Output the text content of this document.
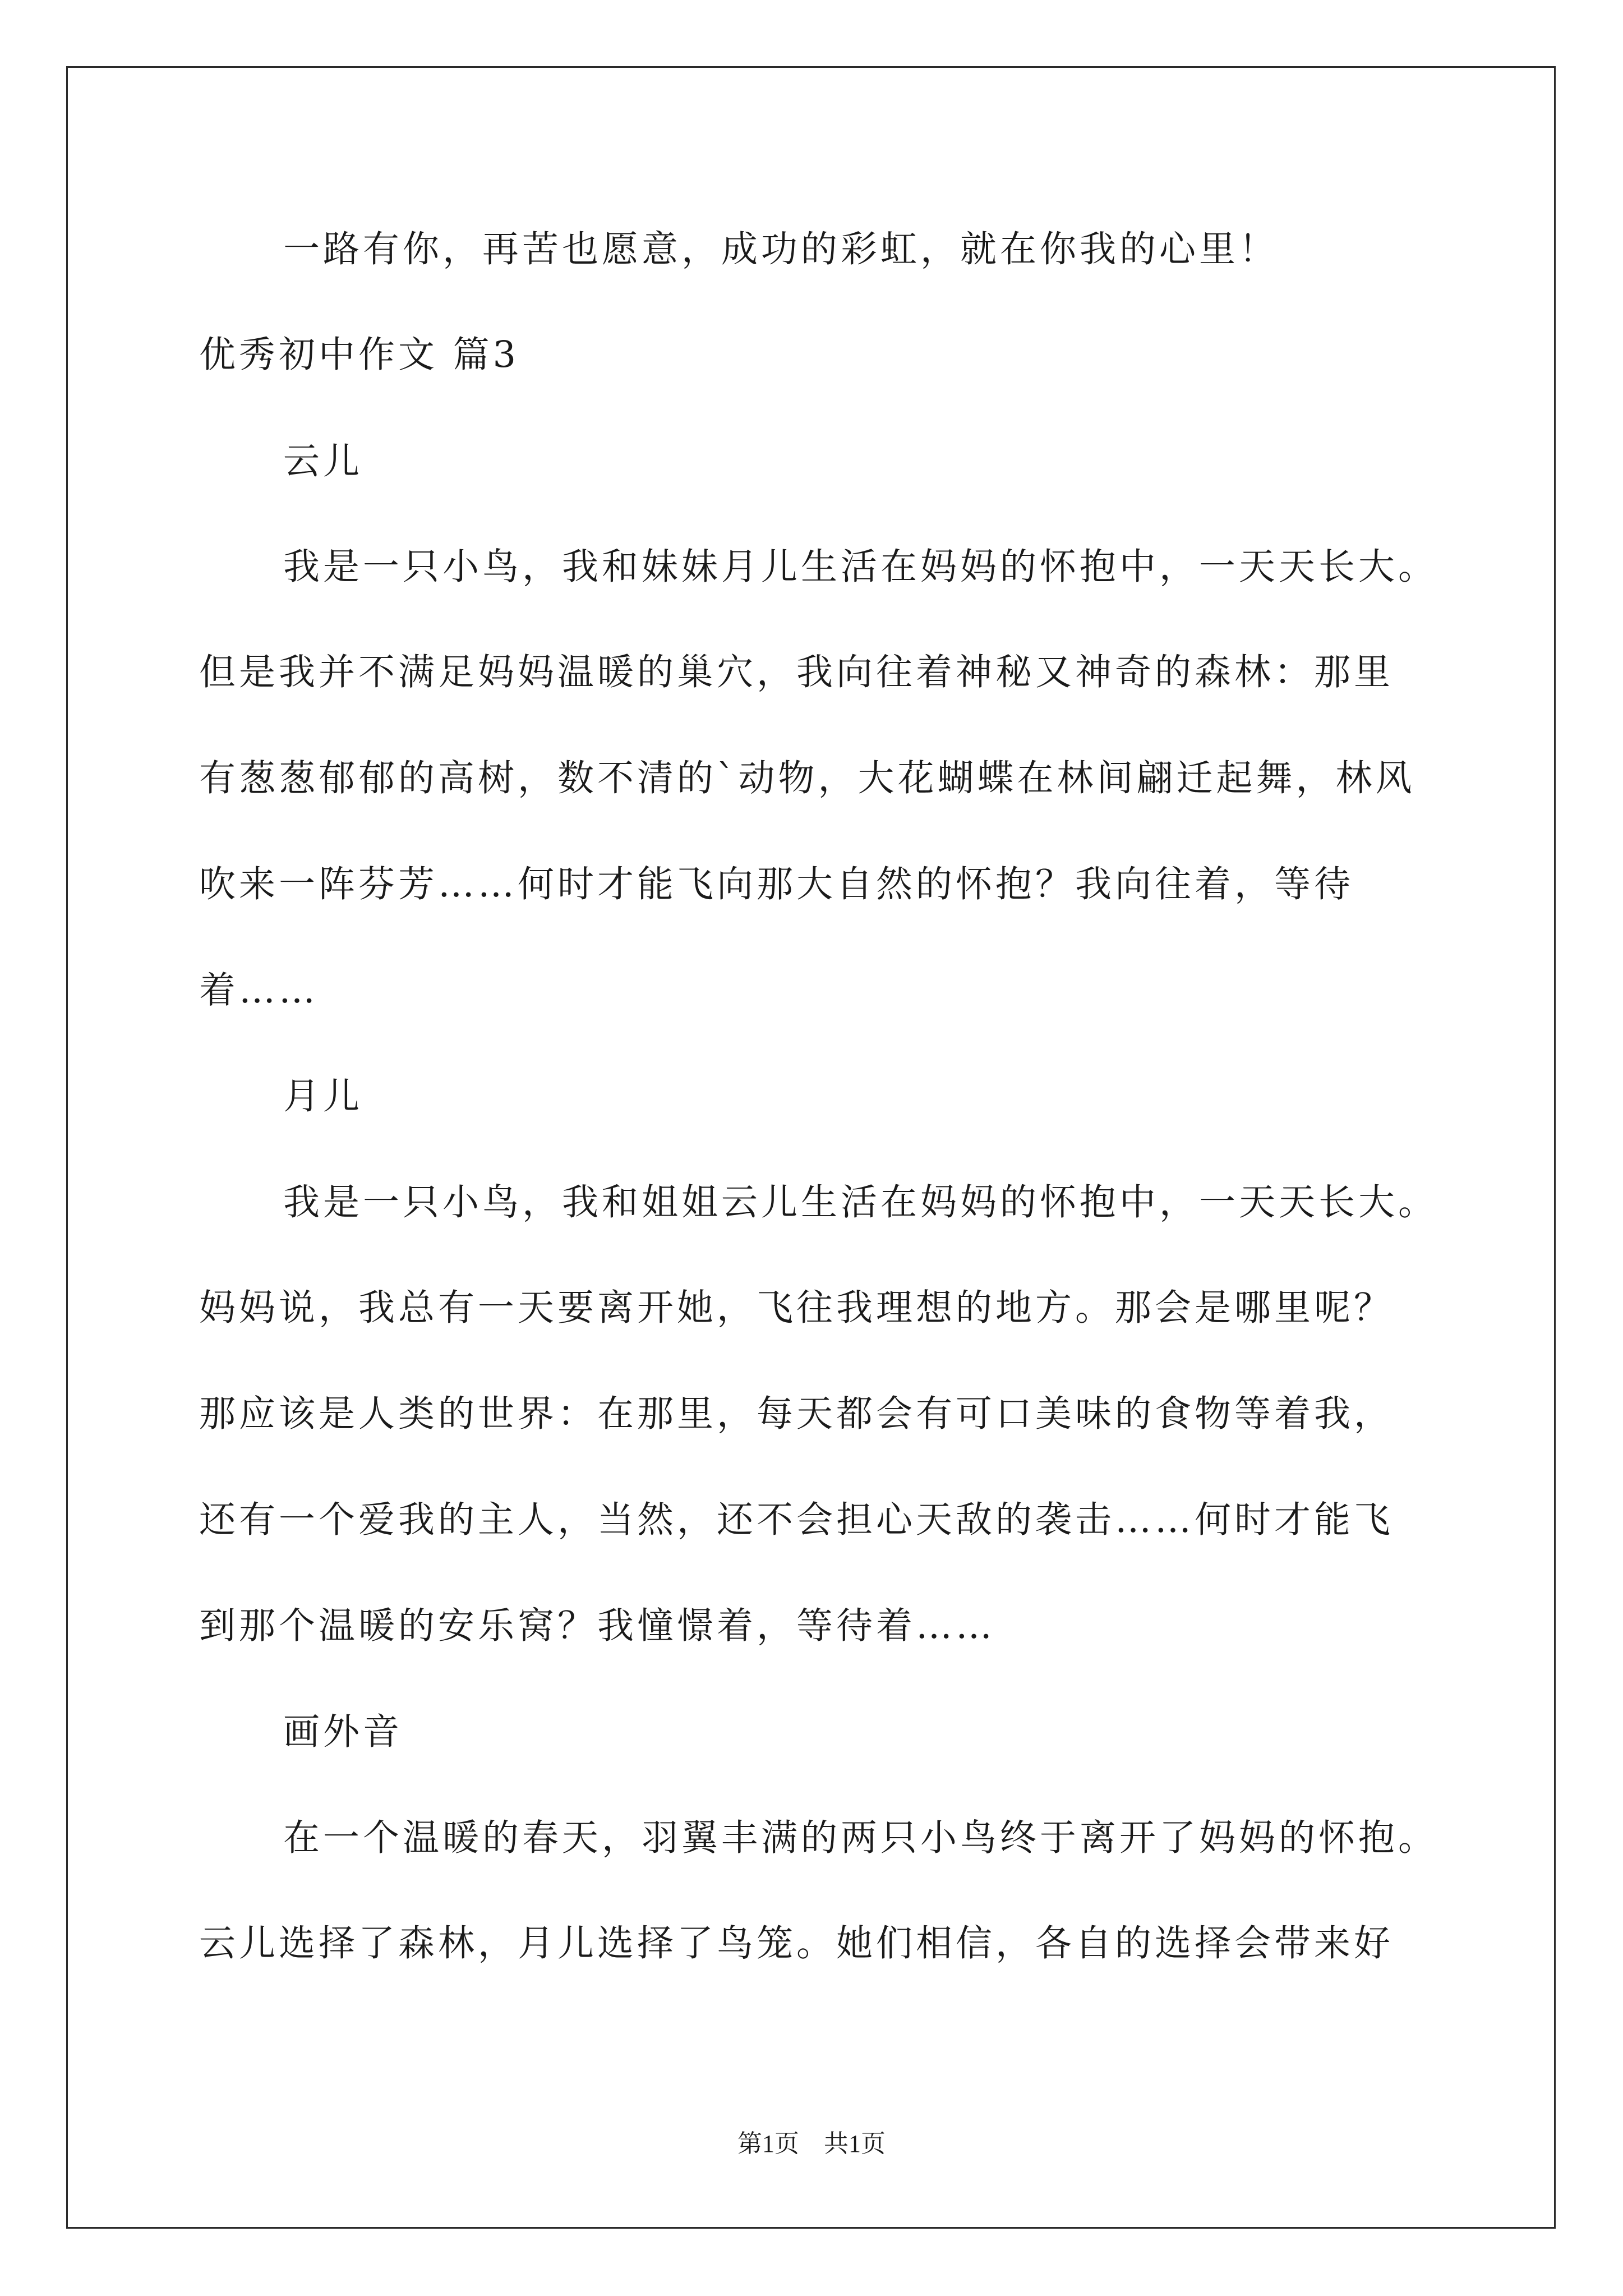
一路有你，再苦也愿意，成功的彩虹，就在你我的心里！
优秀初中作文 篇3
云儿
我是一只小鸟，我和妹妹月儿生活在妈妈的怀抱中，一天天长大。
但是我并不满足妈妈温暖的巢穴，我向往着神秘又神奇的森林：那里
有葱葱郁郁的高树，数不清的`动物，大花蝴蝶在林间翩迁起舞，林风
吹来一阵芬芳……何时才能飞向那大自然的怀抱？我向往着，等待
着……
月儿
我是一只小鸟，我和姐姐云儿生活在妈妈的怀抱中，一天天长大。
妈妈说，我总有一天要离开她，飞往我理想的地方。那会是哪里呢？
那应该是人类的世界：在那里，每天都会有可口美味的食物等着我，
还有一个爱我的主人，当然，还不会担心天敌的袭击……何时才能飞
到那个温暖的安乐窝？我憧憬着，等待着……
画外音
在一个温暖的春天，羽翼丰满的两只小鸟终于离开了妈妈的怀抱。
云儿选择了森林，月儿选择了鸟笼。她们相信，各自的选择会带来好
第1页　共1页
